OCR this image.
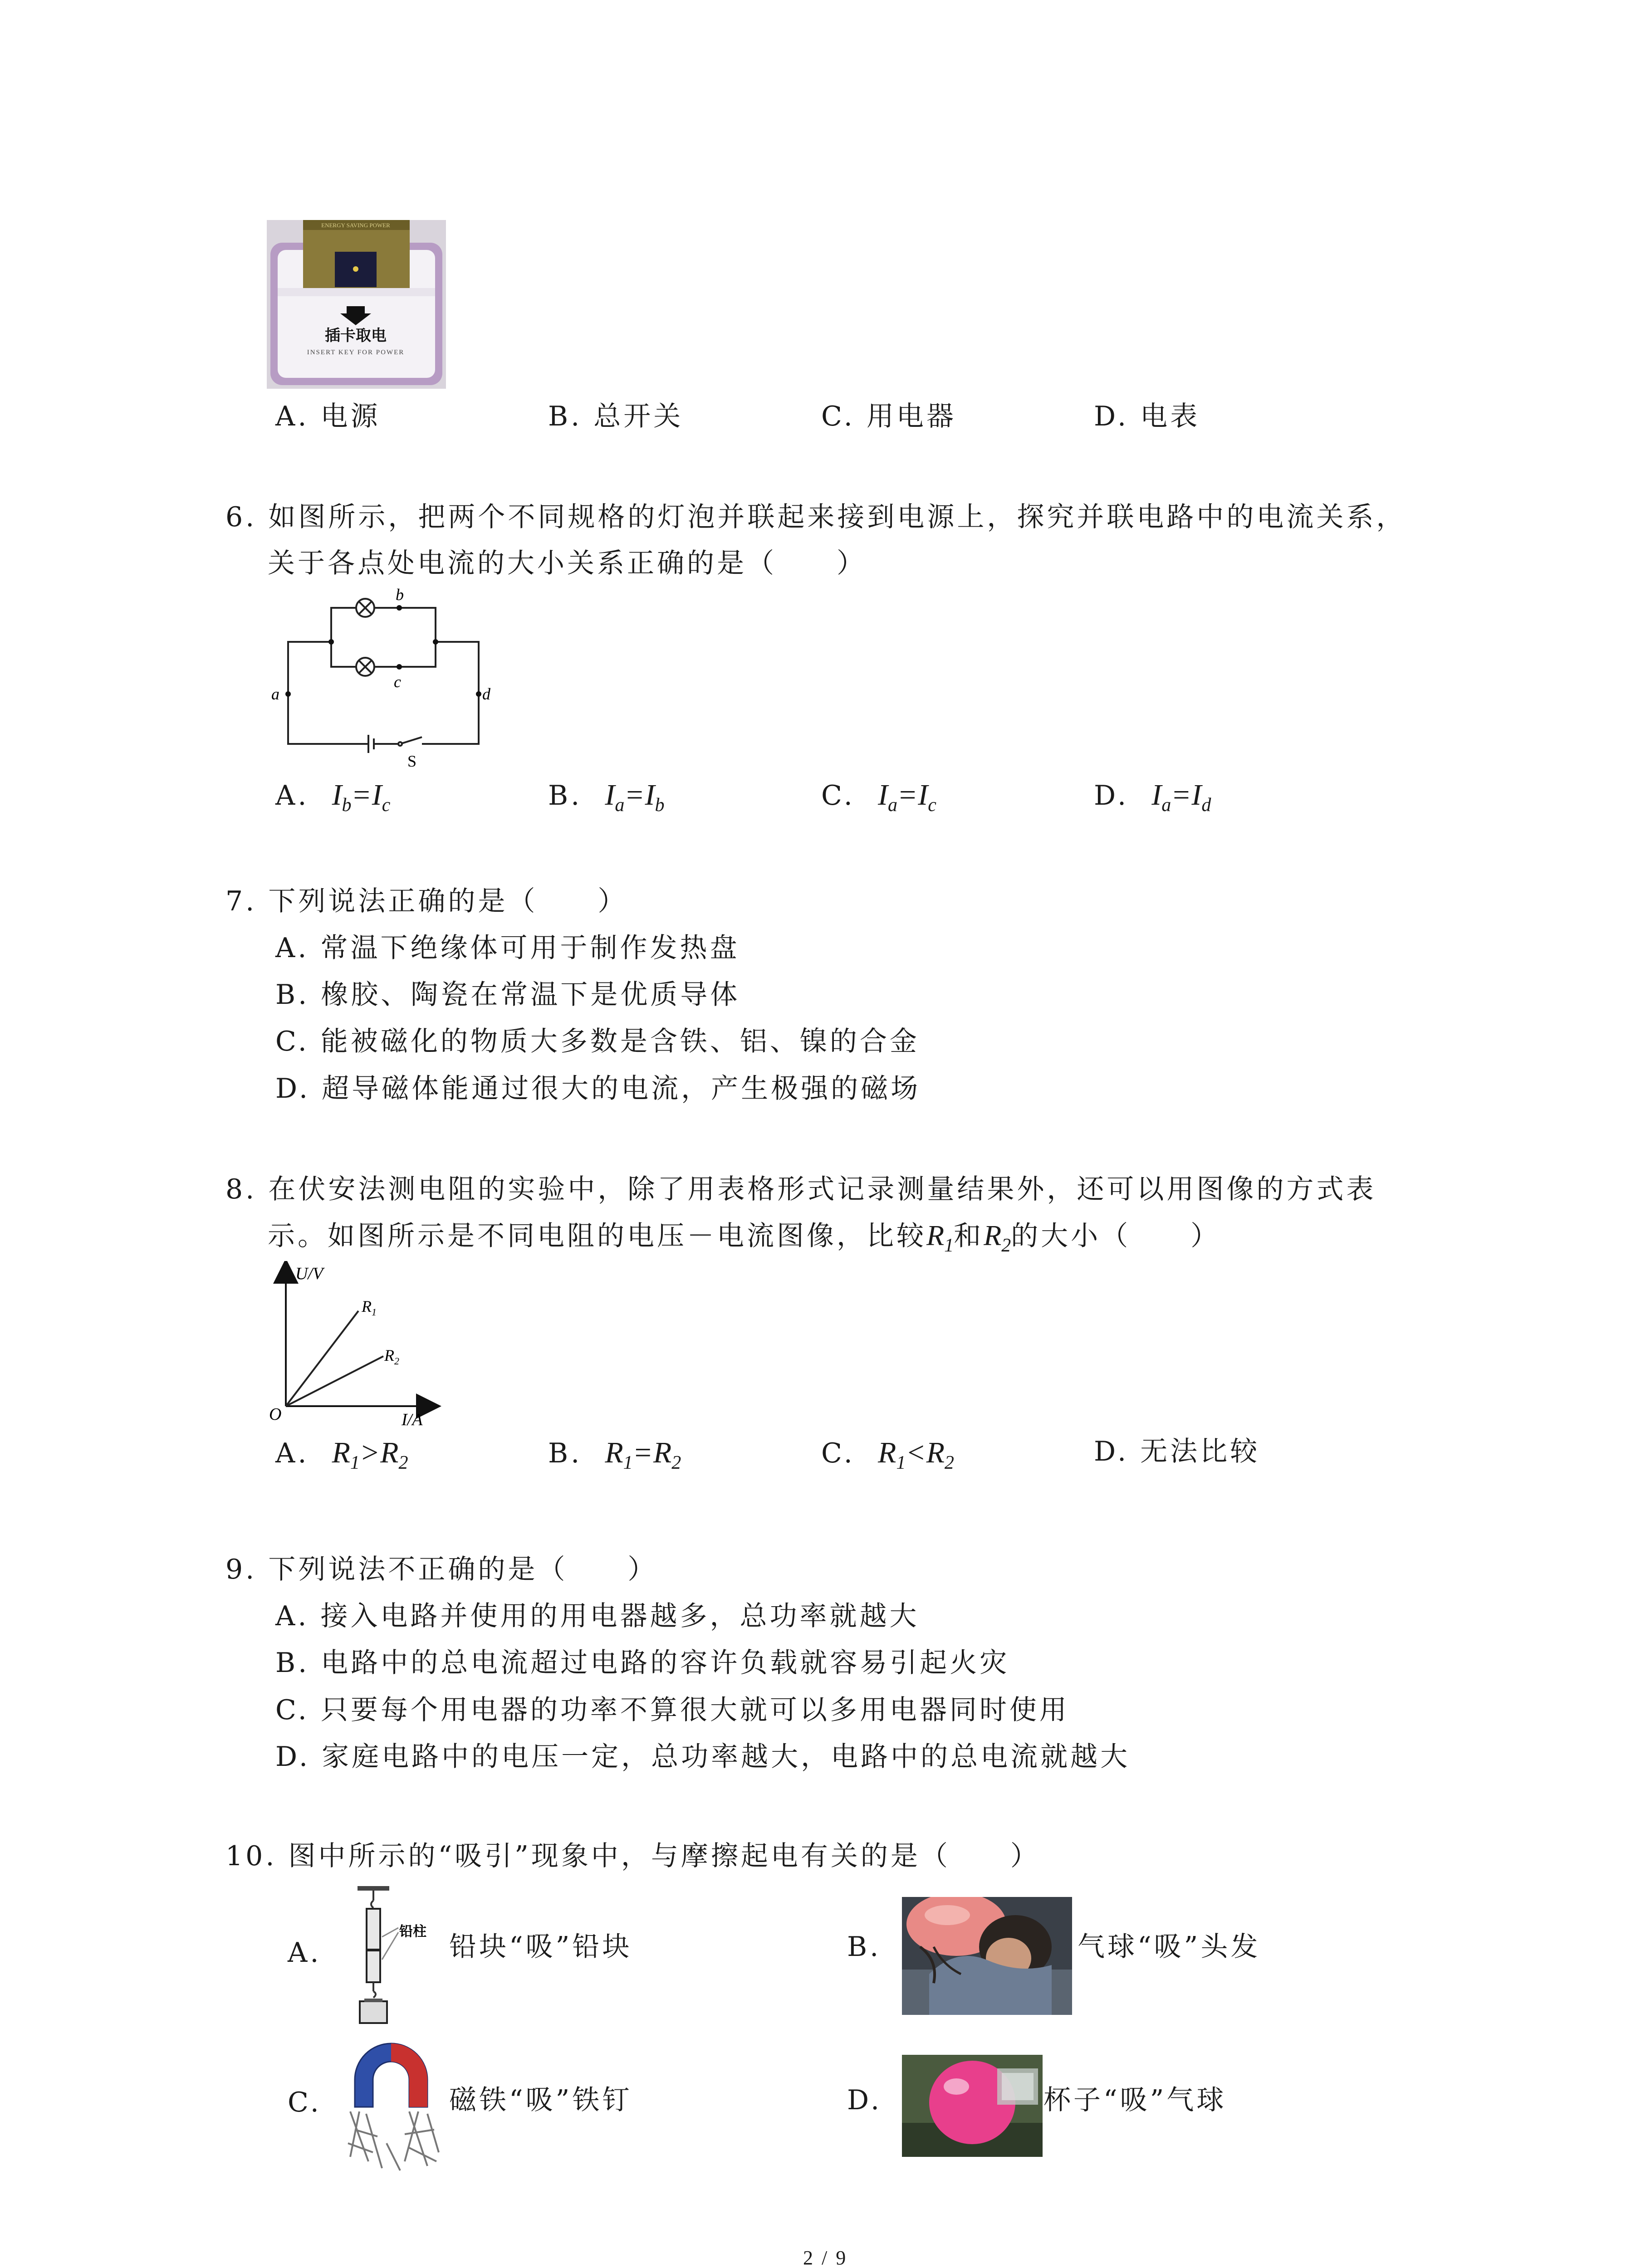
插卡取电
INSERT KEY FOR POWER
ENERGY SAVING POWER
A. 电源	B. 总开关	C. 用电器	D. 电表
6. 如图所示，把两个不同规格的灯泡并联起来接到电源上，探究并联电路中的电流关系，
关于各点处电流的大小关系正确的是（　　）
b
c
a	d
S
A. $I_b=I_c$	B. $I_a=I_b$	C. $I_a=I_c$	D. $I_a=I_d$
7. 下列说法正确的是（　　）
A. 常温下绝缘体可用于制作发热盘
B. 橡胶、陶瓷在常温下是优质导体
C. 能被磁化的物质大多数是含铁、铝、镍的合金
D. 超导磁体能通过很大的电流，产生极强的磁场
8. 在伏安法测电阻的实验中，除了用表格形式记录测量结果外，还可以用图像的方式表
示。如图所示是不同电阻的电压－电流图像，比较$R_1$和$R_2$的大小（　　）
U/V
I/A
O
$R_1$
$R_2$
A. $R_1>R_2$	B. $R_1=R_2$	C. $R_1<R_2$	D. 无法比较
9. 下列说法不正确的是（　　）
A. 接入电路并使用的用电器越多，总功率就越大
B. 电路中的总电流超过电路的容许负载就容易引起火灾
C. 只要每个用电器的功率不算很大就可以多用电器同时使用
D. 家庭电路中的电压一定，总功率越大，电路中的总电流就越大
10. 图中所示的“吸引”现象中，与摩擦起电有关的是（　　）
A.
铅柱 铅块“吸”铅块	B.	气球“吸”头发
C.	磁铁“吸”铁钉	D.	杯子“吸”气球
2 / 9
